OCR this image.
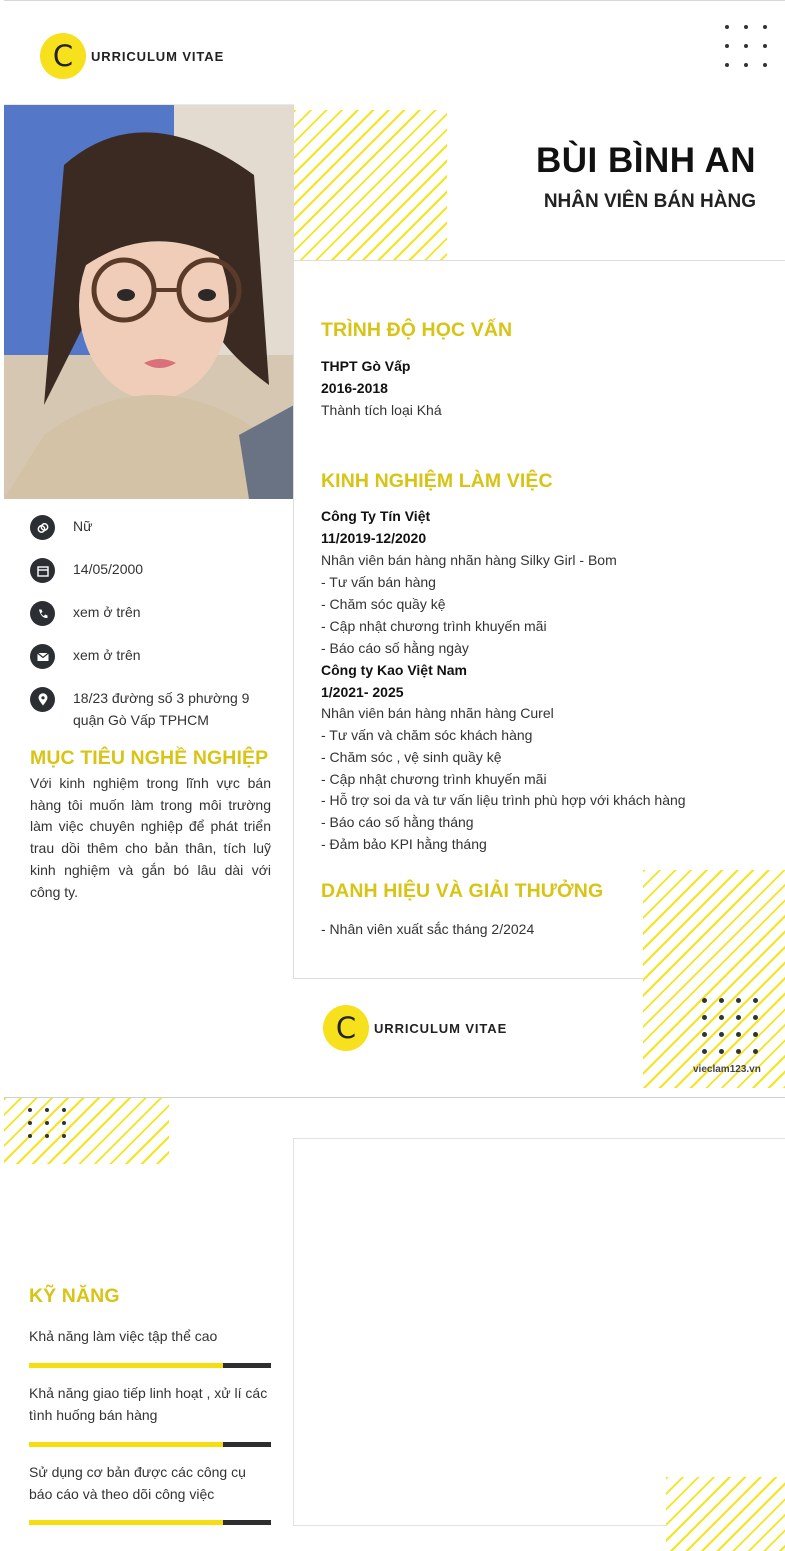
C	URRICULUM VITAE
BÙI BÌNH AN
NHÂN VIÊN BÁN HÀNG
Nữ
14/05/2000
xem ở trên
xem ở trên
18/23 đường số 3 phường 9 quận Gò Vấp TPHCM
MỤC TIÊU NGHỀ NGHIỆP
Với kinh nghiệm trong lĩnh vực bán hàng tôi muốn làm trong môi trường làm việc chuyên nghiệp để phát triển trau dồi thêm cho bản thân, tích luỹ kinh nghiệm và gắn bó lâu dài với công ty.
TRÌNH ĐỘ HỌC VẤN
THPT Gò Vấp
2016-2018
Thành tích loại Khá
KINH NGHIỆM LÀM VIỆC
Công Ty Tín Việt
11/2019-12/2020
Nhân viên bán hàng nhãn hàng Silky Girl - Bom
- Tư vấn bán hàng
- Chăm sóc quầy kệ
- Cập nhật chương trình khuyến mãi
- Báo cáo số hằng ngày
Công ty Kao Việt Nam
1/2021- 2025
Nhân viên bán hàng nhãn hàng Curel
- Tư vấn và chăm sóc khách hàng
- Chăm sóc , vệ sinh quầy kệ
- Cập nhật chương trình khuyến mãi
- Hỗ trợ soi da và tư vấn liệu trình phù hợp với khách hàng
- Báo cáo số hằng tháng
- Đảm bảo KPI hằng tháng
DANH HIỆU VÀ GIẢI THƯỞNG
- Nhân viên xuất sắc tháng 2/2024
C	URRICULUM VITAE
vieclam123.vn
KỸ NĂNG
Khả năng làm việc tập thể cao
Khả năng giao tiếp linh hoạt , xử lí các tình huống bán hàng
Sử dụng cơ bản được các công cụ báo cáo và theo dõi công việc
